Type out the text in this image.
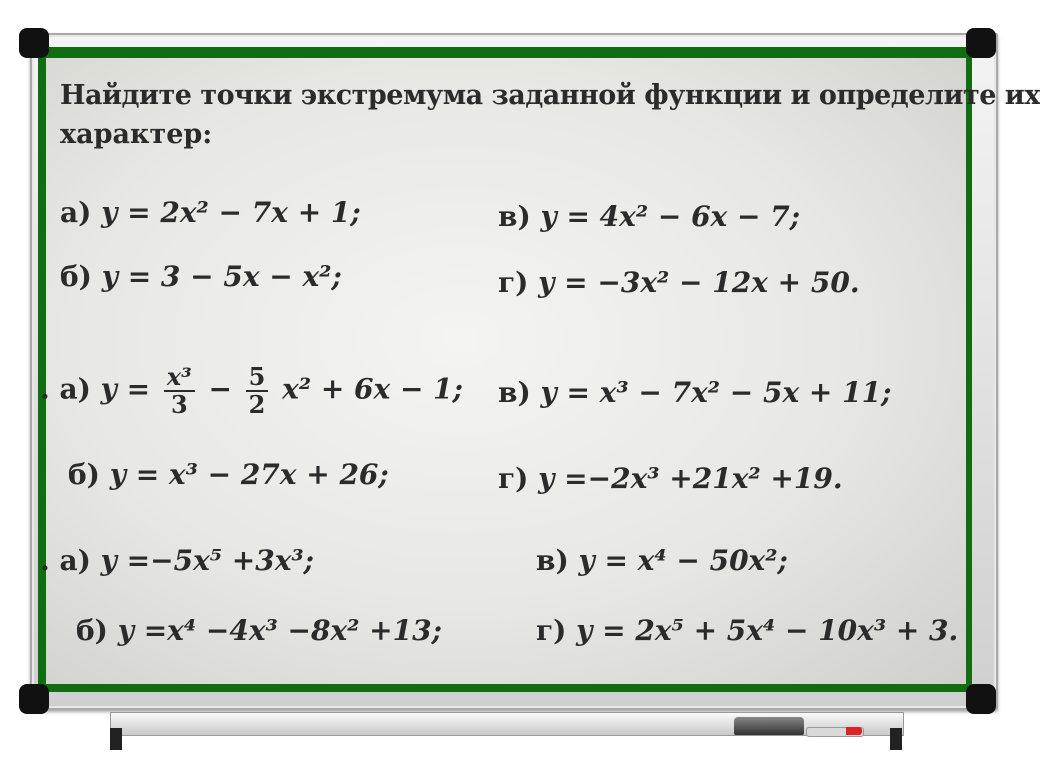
Найдите точки экстремума заданной функции и определите их
характер:
а) y = 2x² − 7x + 1;	в) y = 4x² − 6x − 7;
б) y = 3 − 5x − x²;	г) y = −3x² − 12x + 50.
. а) $y = \frac{\text{x³}}{3} - \frac{5}{2} x^2 + 6x - 1$; в) y = x³ − 7x² − 5x + 11;
б) y = x³ − 27x + 26;	г) y =−2x³ +21x² +19.
. а) y =−5x⁵ +3x³;	в) y = x⁴ − 50x²;
б) y =x⁴ −4x³ −8x² +13;	г) y = 2x⁵ + 5x⁴ − 10x³ + 3.
